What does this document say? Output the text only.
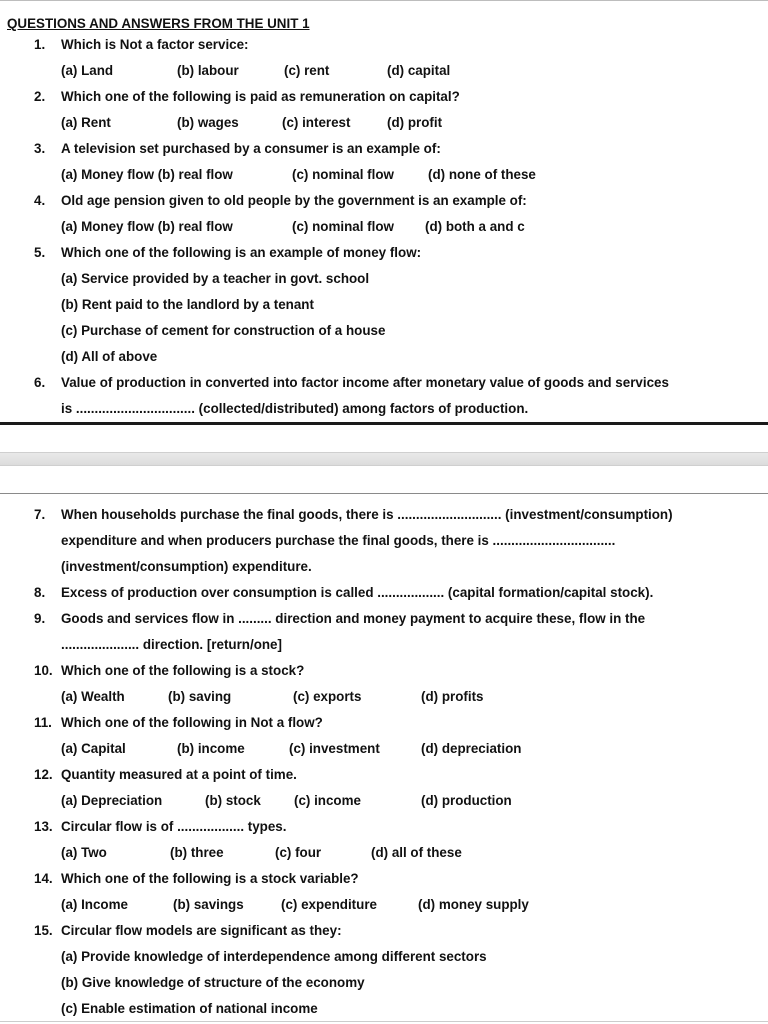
QUESTIONS AND ANSWERS FROM THE UNIT 1
1. Which is Not a factor service:
(a) Land	(b) labour	(c) rent	(d) capital
2. Which one of the following is paid as remuneration on capital?
(a) Rent	(b) wages	(c) interest	(d) profit
3. A television set purchased by a consumer is an example of:
(a) Money flow (b) real flow	(c) nominal flow	(d) none of these
4. Old age pension given to old people by the government is an example of:
(a) Money flow (b) real flow	(c) nominal flow (d) both a and c
5. Which one of the following is an example of money flow:
(a) Service provided by a teacher in govt. school
(b) Rent paid to the landlord by a tenant
(c) Purchase of cement for construction of a house
(d) All of above
6. Value of production in converted into factor income after monetary value of goods and services
is ................................ (collected/distributed) among factors of production.
7. When households purchase the final goods, there is ............................ (investment/consumption)
expenditure and when producers purchase the final goods, there is .................................
(investment/consumption) expenditure.
8. Excess of production over consumption is called .................. (capital formation/capital stock).
9. Goods and services flow in ......... direction and money payment to acquire these, flow in the
..................... direction. [return/one]
10. Which one of the following is a stock?
(a) Wealth	(b) saving	(c) exports	(d) profits
11. Which one of the following in Not a flow?
(a) Capital	(b) income	(c) investment	(d) depreciation
12. Quantity measured at a point of time.
(a) Depreciation	(b) stock (c) income	(d) production
13. Circular flow is of .................. types.
(a) Two	(b) three	(c) four	(d) all of these
14. Which one of the following is a stock variable?
(a) Income	(b) savings	(c) expenditure	(d) money supply
15. Circular flow models are significant as they:
(a) Provide knowledge of interdependence among different sectors
(b) Give knowledge of structure of the economy
(c) Enable estimation of national income
